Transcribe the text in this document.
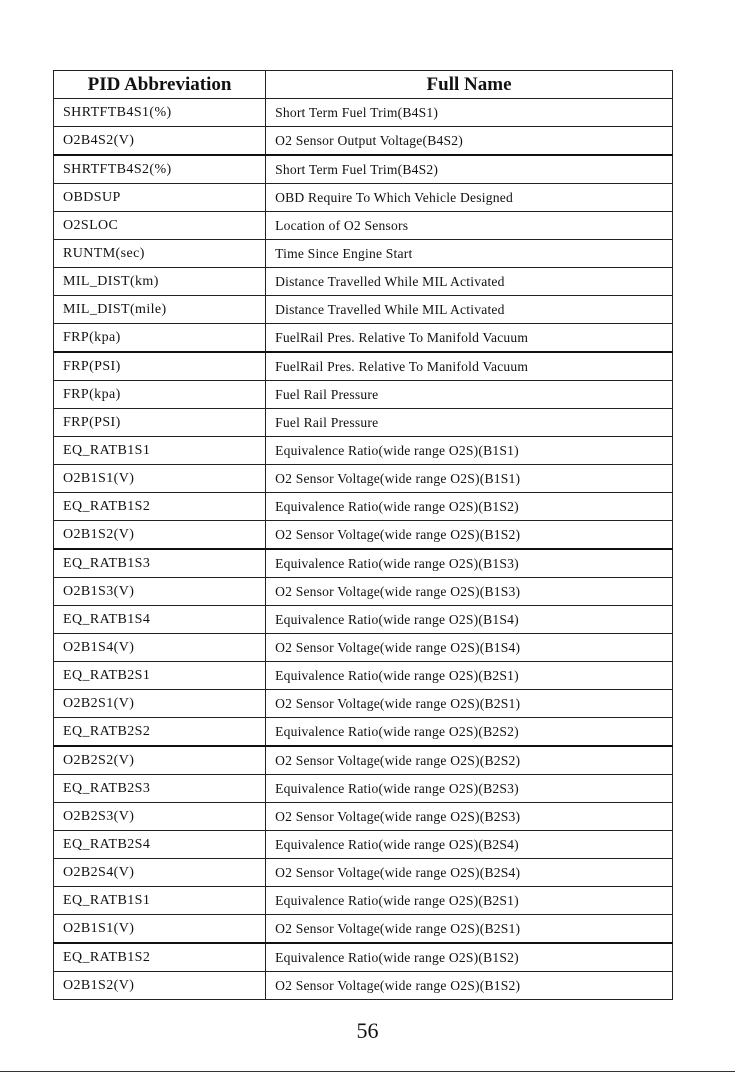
PID Abbreviation	Full Name
SHRTFTB4S1(%)	Short Term Fuel Trim(B4S1)
O2B4S2(V)	O2 Sensor Output Voltage(B4S2)
SHRTFTB4S2(%)	Short Term Fuel Trim(B4S2)
OBDSUP	OBD Require To Which Vehicle Designed
O2SLOC	Location of O2 Sensors
RUNTM(sec)	Time Since Engine Start
MIL_DIST(km)	Distance Travelled While MIL Activated
MIL_DIST(mile)	Distance Travelled While MIL Activated
FRP(kpa)	FuelRail Pres. Relative To Manifold Vacuum
FRP(PSI)	FuelRail Pres. Relative To Manifold Vacuum
FRP(kpa)	Fuel Rail Pressure
FRP(PSI)	Fuel Rail Pressure
EQ_RATB1S1	Equivalence Ratio(wide range O2S)(B1S1)
O2B1S1(V)	O2 Sensor Voltage(wide range O2S)(B1S1)
EQ_RATB1S2	Equivalence Ratio(wide range O2S)(B1S2)
O2B1S2(V)	O2 Sensor Voltage(wide range O2S)(B1S2)
EQ_RATB1S3	Equivalence Ratio(wide range O2S)(B1S3)
O2B1S3(V)	O2 Sensor Voltage(wide range O2S)(B1S3)
EQ_RATB1S4	Equivalence Ratio(wide range O2S)(B1S4)
O2B1S4(V)	O2 Sensor Voltage(wide range O2S)(B1S4)
EQ_RATB2S1	Equivalence Ratio(wide range O2S)(B2S1)
O2B2S1(V)	O2 Sensor Voltage(wide range O2S)(B2S1)
EQ_RATB2S2	Equivalence Ratio(wide range O2S)(B2S2)
O2B2S2(V)	O2 Sensor Voltage(wide range O2S)(B2S2)
EQ_RATB2S3	Equivalence Ratio(wide range O2S)(B2S3)
O2B2S3(V)	O2 Sensor Voltage(wide range O2S)(B2S3)
EQ_RATB2S4	Equivalence Ratio(wide range O2S)(B2S4)
O2B2S4(V)	O2 Sensor Voltage(wide range O2S)(B2S4)
EQ_RATB1S1	Equivalence Ratio(wide range O2S)(B2S1)
O2B1S1(V)	O2 Sensor Voltage(wide range O2S)(B2S1)
EQ_RATB1S2	Equivalence Ratio(wide range O2S)(B1S2)
O2B1S2(V)	O2 Sensor Voltage(wide range O2S)(B1S2)
56
